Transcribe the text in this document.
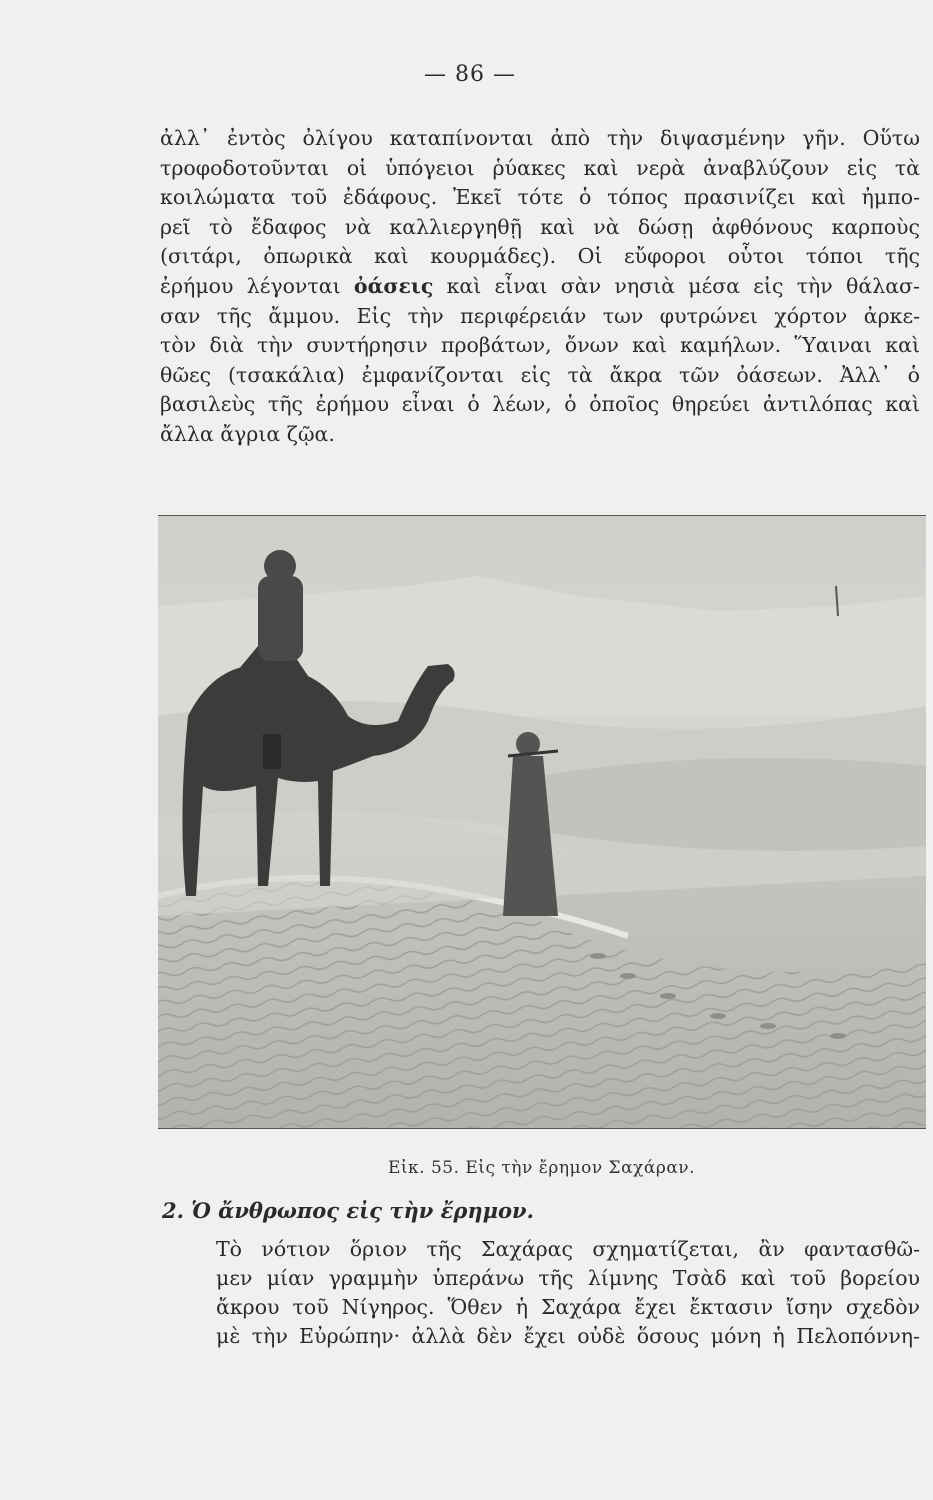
— 86 —

ἀλλ᾽ ἐντὸς ὀλίγου καταπίνονται ἀπὸ τὴν διψασμένην γῆν. Οὕτω
τροφοδοτοῦνται οἱ ὑπόγειοι ῥύακες καὶ νερὰ ἀναβλύζουν εἰς τὰ
κοιλώματα τοῦ ἐδάφους. Ἐκεῖ τότε ὁ τόπος πρασινίζει καὶ ἠμπο-
ρεῖ τὸ ἔδαφος νὰ καλλιεργηθῇ καὶ νὰ δώσῃ ἀφθόνους καρποὺς
(σιτάρι, ὀπωρικὰ καὶ κουρμάδες). Οἱ εὔφοροι οὗτοι τόποι τῆς
ἐρήμου λέγονται ὀάσεις καὶ εἶναι σὰν νησιὰ μέσα εἰς τὴν θάλασ-
σαν τῆς ἄμμου. Εἰς τὴν περιφέρειάν των φυτρώνει χόρτον ἀρκε-
τὸν διὰ τὴν συντήρησιν προβάτων, ὄνων καὶ καμήλων. Ὕαιναι καὶ
θῶες (τσακάλια) ἐμφανίζονται εἰς τὰ ἄκρα τῶν ὀάσεων. Ἀλλ᾽ ὁ
βασιλεὺς τῆς ἐρήμου εἶναι ὁ λέων, ὁ ὁποῖος θηρεύει ἀντιλόπας καὶ
ἄλλα ἄγρια ζῷα.

Εἰκ. 55. Εἰς τὴν ἔρημον Σαχάραν.
2. Ὁ ἄνθρωπος εἰς τὴν ἔρημον.

Τὸ νότιον ὅριον τῆς Σαχάρας σχηματίζεται, ἂν φαντασθῶ-
μεν μίαν γραμμὴν ὑπεράνω τῆς λίμνης Τσὰδ καὶ τοῦ βορείου
ἄκρου τοῦ Νίγηρος. Ὅθεν ἡ Σαχάρα ἔχει ἔκτασιν ἴσην σχεδὸν
μὲ τὴν Εὐρώπην· ἀλλὰ δὲν ἔχει οὐδὲ ὅσους μόνη ἡ Πελοπόννη-
